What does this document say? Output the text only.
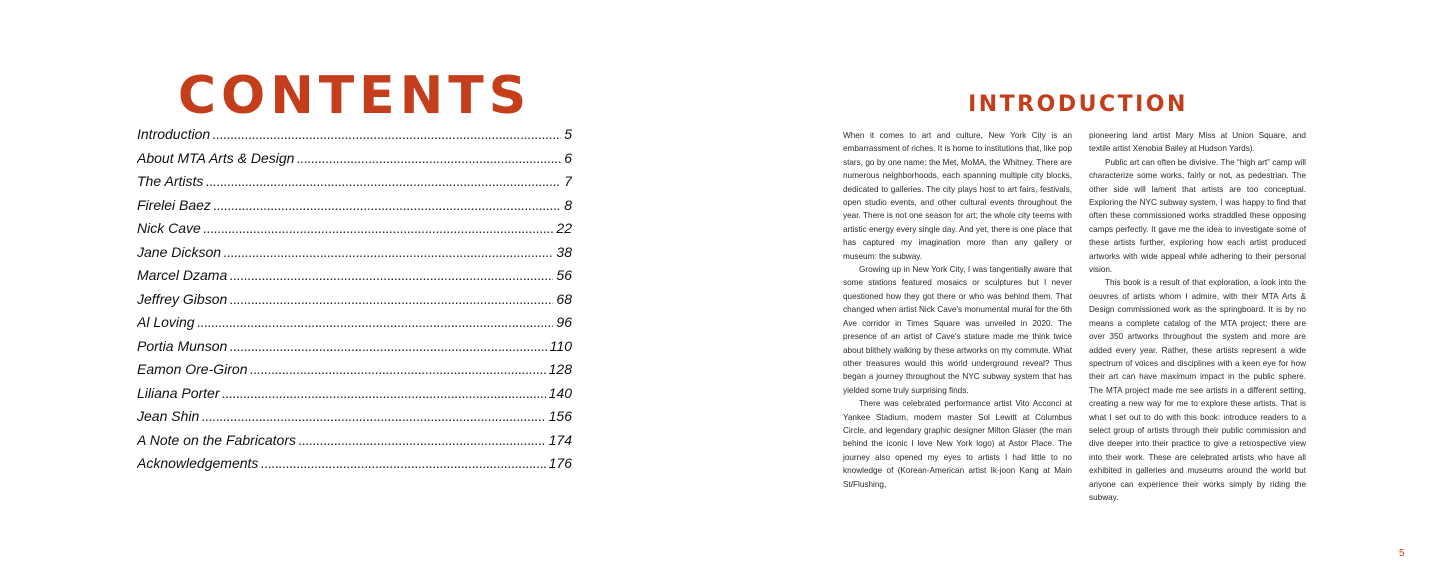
CONTENTS
Introduction . . .	5
About MTA Arts & Design . . .	6
The Artists . . .	7
Firelei Baez . . .	8
Nick Cave . . .	22
Jane Dickson . . .	38
Marcel Dzama . . .	56
Jeffrey Gibson . . .	68
Al Loving . . .	96
Portia Munson . . .	110
Eamon Ore-Giron . . .	128
Liliana Porter . . .	140
Jean Shin . . .	156
A Note on the Fabricators . . .	174
Acknowledgements . . .	176
INTRODUCTION

When it comes to art and culture, New York City is an embarrassment of riches. It is home to institutions that, like pop stars, go by one name: the Met, MoMA, the Whitney. There are numerous neighborhoods, each spanning multiple city blocks, dedicated to galleries. The city plays host to art fairs, festivals, open studio events, and other cultural events throughout the year. There is not one season for art; the whole city teems with artistic energy every single day. And yet, there is one place that has captured my imagination more than any gallery or museum: the subway.

Growing up in New York City, I was tangentially aware that some stations featured mosaics or sculptures but I never questioned how they got there or who was behind them. That changed when artist Nick Cave's monumental mural for the 6th Ave corridor in Times Square was unveiled in 2020. The presence of an artist of Cave's stature made me think twice about blithely walking by these artworks on my commute. What other treasures would this world underground reveal? Thus began a journey throughout the NYC subway system that has yielded some truly surprising finds.

There was celebrated performance artist Vito Acconci at Yankee Stadium, modern master Sol Lewitt at Columbus Circle, and legendary graphic designer Milton Glaser (the man behind the iconic I love New York logo) at Astor Place. The journey also opened my eyes to artists I had little to no knowledge of (Korean-American artist Ik-joon Kang at Main St/Flushing,

pioneering land artist Mary Miss at Union Square, and textile artist Xenobia Bailey at Hudson Yards).

Public art can often be divisive. The “high art” camp will characterize some works, fairly or not, as pedestrian. The other side will lament that artists are too conceptual. Exploring the NYC subway system, I was happy to find that often these commissioned works straddled these opposing camps perfectly. It gave me the idea to investigate some of these artists further, exploring how each artist produced artworks with wide appeal while adhering to their personal vision.

This book is a result of that exploration, a look into the oeuvres of artists whom I admire, with their MTA Arts & Design commissioned work as the springboard. It is by no means a complete catalog of the MTA project; there are over 350 artworks throughout the system and more are added every year. Rather, these artists represent a wide spectrum of voices and disciplines with a keen eye for how their art can have maximum impact in the public sphere. The MTA project made me see artists in a different setting, creating a new way for me to explore these artists. That is what I set out to do with this book: introduce readers to a select group of artists through their public commission and dive deeper into their practice to give a retrospective view into their work. These are celebrated artists who have all exhibited in galleries and museums around the world but anyone can experience their works simply by riding the subway.

5
